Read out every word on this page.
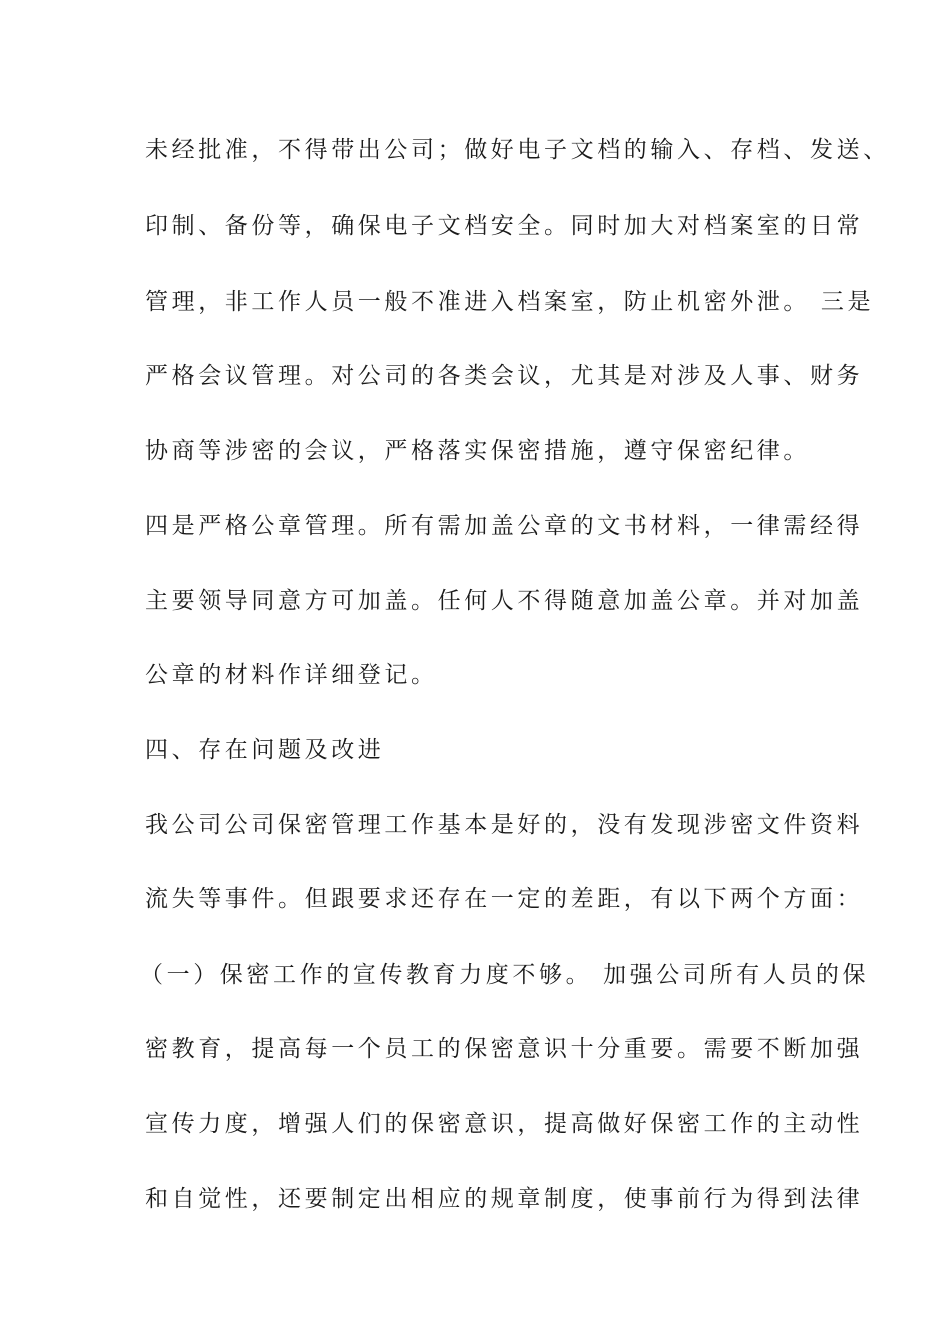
未经批准，不得带出公司；做好电子文档的输入、存档、发送、
印制、备份等，确保电子文档安全。同时加大对档案室的日常
管理，非工作人员一般不准进入档案室，防止机密外泄。 三是
严格会议管理。对公司的各类会议，尤其是对涉及人事、财务
协商等涉密的会议，严格落实保密措施，遵守保密纪律。
四是严格公章管理。所有需加盖公章的文书材料，一律需经得
主要领导同意方可加盖。任何人不得随意加盖公章。并对加盖
公章的材料作详细登记。
四、存在问题及改进
我公司公司保密管理工作基本是好的，没有发现涉密文件资料
流失等事件。但跟要求还存在一定的差距，有以下两个方面：
（一）保密工作的宣传教育力度不够。 加强公司所有人员的保
密教育，提高每一个员工的保密意识十分重要。需要不断加强
宣传力度，增强人们的保密意识，提高做好保密工作的主动性
和自觉性，还要制定出相应的规章制度，使事前行为得到法律
